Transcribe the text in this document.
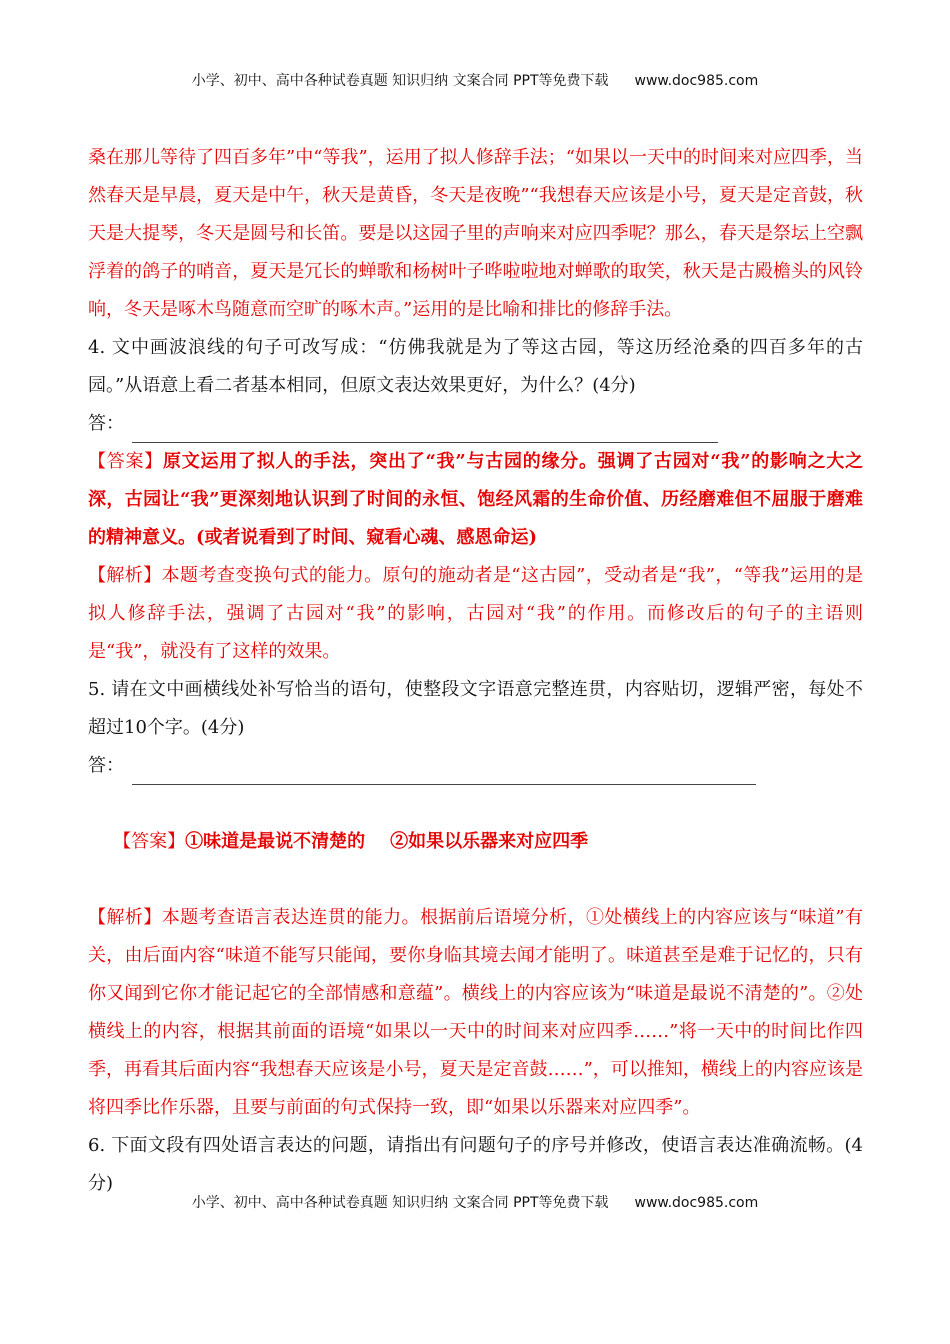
小学、初中、高中各种试卷真题 知识归纳 文案合同 PPT等免费下载 www.doc985.com

桑在那儿等待了四百多年”中“等我”，运用了拟人修辞手法；“如果以一天中的时间来对应四季，当然春天是早晨，夏天是中午，秋天是黄昏，冬天是夜晚”“我想春天应该是小号，夏天是定音鼓，秋天是大提琴，冬天是圆号和长笛。要是以这园子里的声响来对应四季呢？那么，春天是祭坛上空飘浮着的鸽子的哨音，夏天是冗长的蝉歌和杨树叶子哗啦啦地对蝉歌的取笑，秋天是古殿檐头的风铃响，冬天是啄木鸟随意而空旷的啄木声。”运用的是比喻和排比的修辞手法。

4. 文中画波浪线的句子可改写成：“仿佛我就是为了等这古园，等这历经沧桑的四百多年的古园。”从语意上看二者基本相同，但原文表达效果更好，为什么？(4分)

答：

【答案】原文运用了拟人的手法，突出了“我”与古园的缘分。强调了古园对“我”的影响之大之深，古园让“我”更深刻地认识到了时间的永恒、饱经风霜的生命价值、历经磨难但不屈服于磨难的精神意义。(或者说看到了时间、窥看心魂、感恩命运)

【解析】本题考查变换句式的能力。原句的施动者是“这古园”，受动者是“我”，“等我”运用的是拟人修辞手法，强调了古园对“我”的影响，古园对“我”的作用。而修改后的句子的主语则是“我”，就没有了这样的效果。

5. 请在文中画横线处补写恰当的语句，使整段文字语意完整连贯，内容贴切，逻辑严密，每处不超过10个字。(4分)

答：

【答案】①味道是最说不清楚的    ②如果以乐器来对应四季

【解析】本题考查语言表达连贯的能力。根据前后语境分析，①处横线上的内容应该与“味道”有关，由后面内容“味道不能写只能闻，要你身临其境去闻才能明了。味道甚至是难于记忆的，只有你又闻到它你才能记起它的全部情感和意蕴”。横线上的内容应该为“味道是最说不清楚的”。②处横线上的内容，根据其前面的语境“如果以一天中的时间来对应四季……”将一天中的时间比作四季，再看其后面内容“我想春天应该是小号，夏天是定音鼓……”，可以推知，横线上的内容应该是将四季比作乐器，且要与前面的句式保持一致，即“如果以乐器来对应四季”。

6. 下面文段有四处语言表达的问题，请指出有问题句子的序号并修改，使语言表达准确流畅。(4分)

小学、初中、高中各种试卷真题 知识归纳 文案合同 PPT等免费下载 www.doc985.com
